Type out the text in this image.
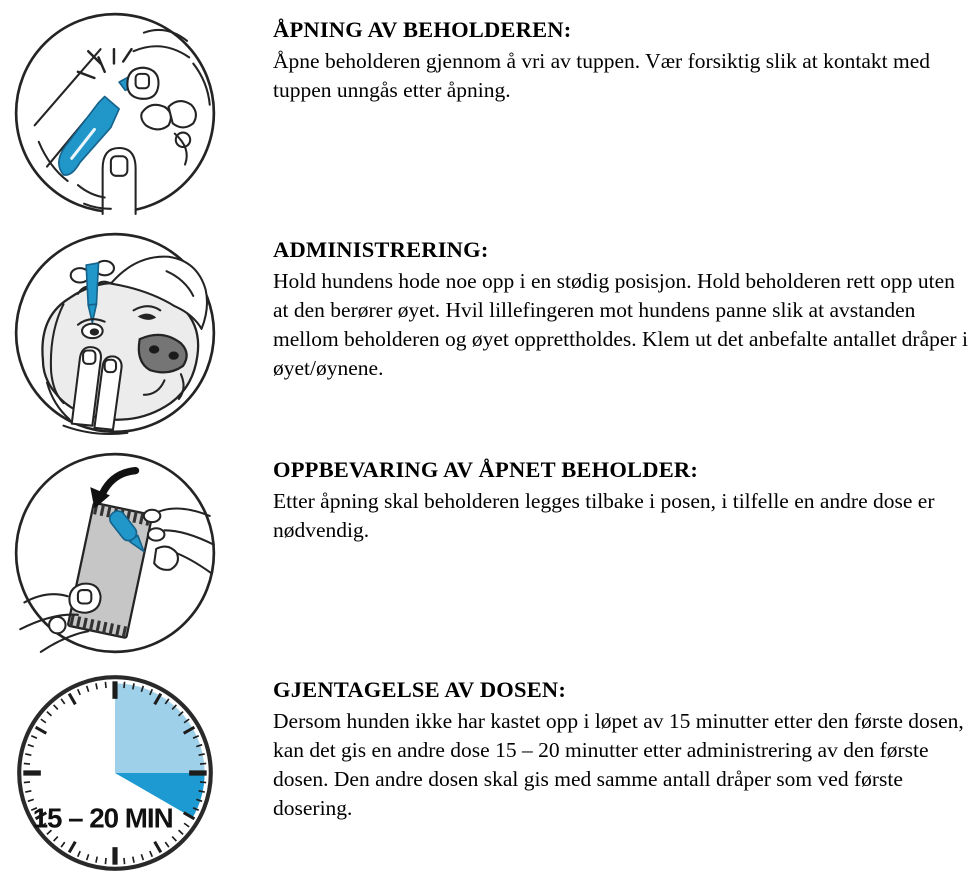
ÅPNING AV BEHOLDEREN:

Åpne beholderen gjennom å vri av tuppen. Vær forsiktig slik at kontakt med tuppen unngås etter åpning.

ADMINISTRERING:

Hold hundens hode noe opp i en stødig posisjon. Hold beholderen rett opp uten at den berører øyet. Hvil lillefingeren mot hundens panne slik at avstanden mellom beholderen og øyet opprettholdes. Klem ut det anbefalte antallet dråper i øyet/øynene.

OPPBEVARING AV ÅPNET BEHOLDER:

Etter åpning skal beholderen legges tilbake i posen, i tilfelle en andre dose er nødvendig.

15 – 20 MIN
GJENTAGELSE AV DOSEN:

Dersom hunden ikke har kastet opp i løpet av 15 minutter etter den første dosen, kan det gis en andre dose 15 – 20 minutter etter administrering av den første dosen. Den andre dosen skal gis med samme antall dråper som ved første dosering.
